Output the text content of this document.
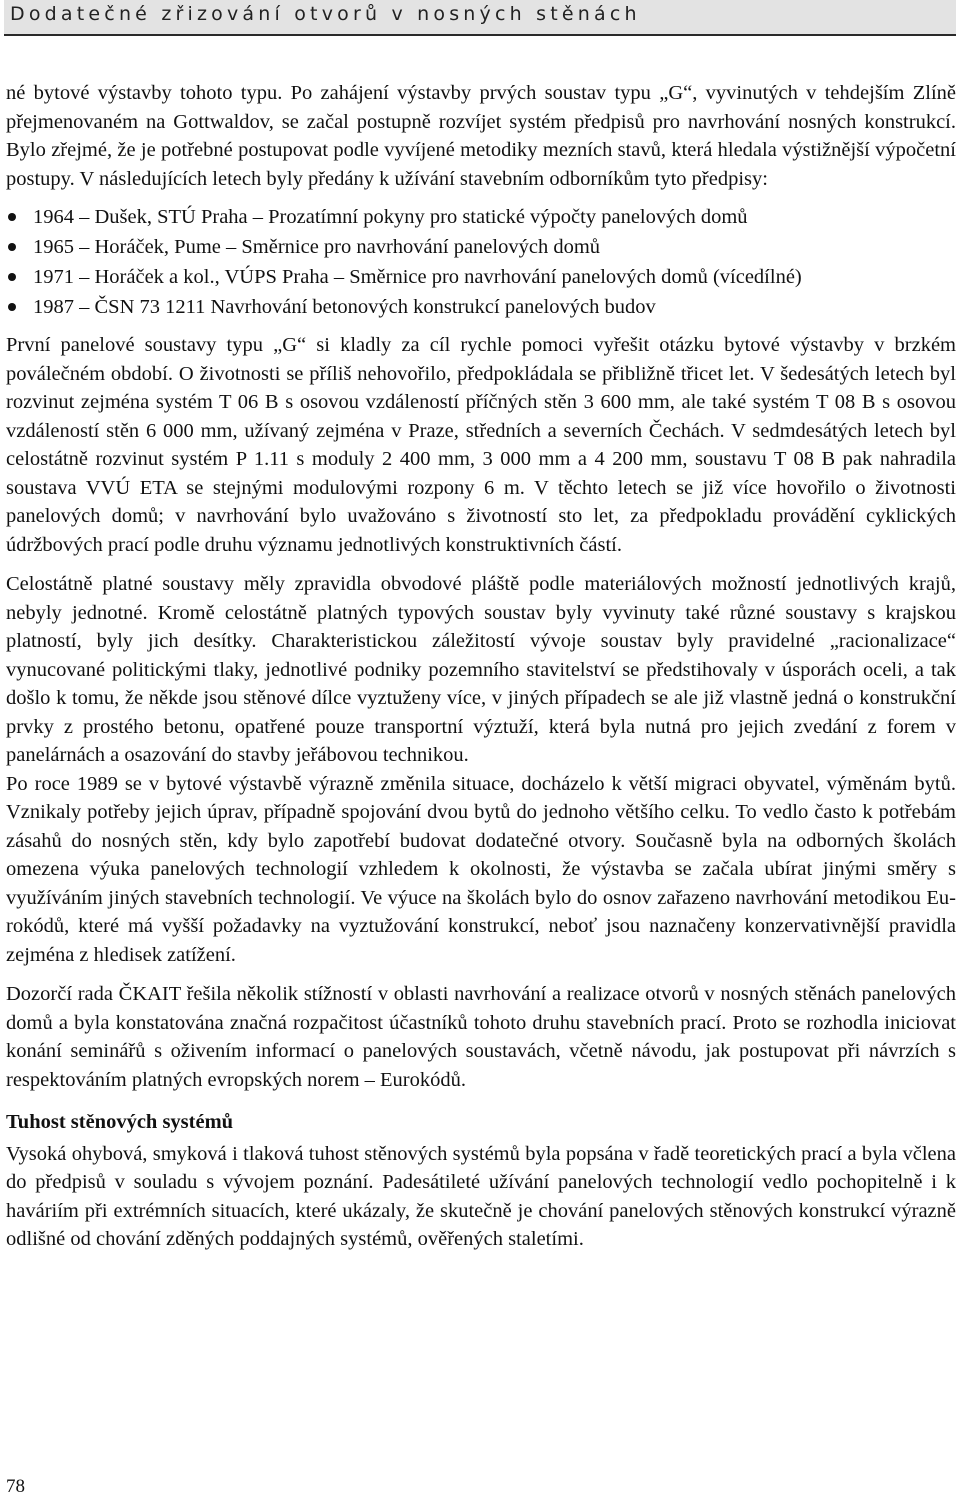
Dodatečné zřizování otvorů v nosných stěnách

né bytové výstavby tohoto typu. Po zahájení výstavby prvých soustav typu „G“, vyvinutých v tehdejším Zlíně přejmenovaném na Gottwaldov, se začal postupně rozvíjet systém předpisů pro navrhování nosných konstrukcí. Bylo zřejmé, že je potřebné postupovat podle vyvíjené metodiky mezních stavů, která hledala výstižnější výpočetní postupy. V následujících letech byly předány k užívání stavebním odborníkům tyto předpisy:

1964 – Dušek, STÚ Praha – Prozatímní pokyny pro statické výpočty panelových domů
1965 – Horáček, Pume – Směrnice pro navrhování panelových domů
1971 – Horáček a kol., VÚPS Praha – Směrnice pro navrhování panelových domů (vícedílné)
1987 – ČSN 73 1211 Navrhování betonových konstrukcí panelových budov

První panelové soustavy typu „G“ si kladly za cíl rychle pomoci vyřešit otázku bytové výstavby v brzkém poválečném období. O životnosti se příliš nehovořilo, předpokládala se přibližně třicet let. V šedesátých letech byl rozvinut zejména systém T 06 B s osovou vzdáleností příčných stěn 3 600 mm, ale také systém T 08 B s osovou vzdáleností stěn 6 000 mm, užívaný zejména v Praze, středních a severních Čechách. V sedmdesátých letech byl celostátně rozvinut systém P 1.11 s moduly 2 400 mm, 3 000 mm a 4 200 mm, soustavu T 08 B pak nahradila soustava VVÚ ETA se stejnými modulovými rozpony 6 m. V těchto letech se již více hovořilo o životnosti panelových domů; v navrhování bylo uvažováno s životností sto let, za předpokladu provádění cyklických údržbových prací podle druhu významu jednotlivých konstruktivních částí.

Celostátně platné soustavy měly zpravidla obvodové pláště podle materiálových možností jednotlivých krajů, nebyly jednotné. Kromě celostátně platných typových soustav byly vyvinuty také různé soustavy s krajskou platností, byly jich desítky. Charakteristickou záležitostí vývoje soustav byly pravidelné „racionalizace“ vynucované politickými tlaky, jednotlivé podniky pozemního stavitelství se předstihovaly v úsporách oceli, a tak došlo k tomu, že někde jsou stěnové dílce vyztuženy více, v jiných případech se ale již vlastně jedná o konstrukční prvky z prostého betonu, opatřené pouze transportní výztuží, která byla nutná pro jejich zvedání z forem v panelárnách a osazování do stavby jeřábovou technikou.

Po roce 1989 se v bytové výstavbě výrazně změnila situace, docházelo k větší migraci obyvatel, výměnám bytů. Vznikaly potřeby jejich úprav, případně spojování dvou bytů do jednoho většího celku. To vedlo často k potřebám zásahů do nosných stěn, kdy bylo zapotřebí budovat dodatečné otvory. Současně byla na odborných školách omezena výuka panelových technologií vzhledem k okolnosti, že výstavba se začala ubírat jinými směry s využíváním jiných stavebních technologií. Ve výuce na školách bylo do osnov zařazeno navrhování metodikou Eurokódů, které má vyšší požadavky na vyztužování konstrukcí, neboť jsou naznačeny konzervativnější pravidla zejména z hledisek zatížení.

Dozorčí rada ČKAIT řešila několik stížností v oblasti navrhování a realizace otvorů v nosných stěnách panelových domů a byla konstatována značná rozpačitost účastníků tohoto druhu stavebních prací. Proto se rozhodla iniciovat konání seminářů s oživením informací o panelových soustavách, včetně návodu, jak postupovat při návrzích s respektováním platných evropských norem – Eurokódů.

Tuhost stěnových systémů

Vysoká ohybová, smyková i tlaková tuhost stěnových systémů byla popsána v řadě teoretických prací a byla včlena do předpisů v souladu s vývojem poznání. Padesátileté užívání panelových technologií vedlo pochopitelně i k haváriím při extrémních situacích, které ukázaly, že skutečně je chování panelových stěnových konstrukcí výrazně odlišné od chování zděných poddajných systémů, ověřených staletími.

78
